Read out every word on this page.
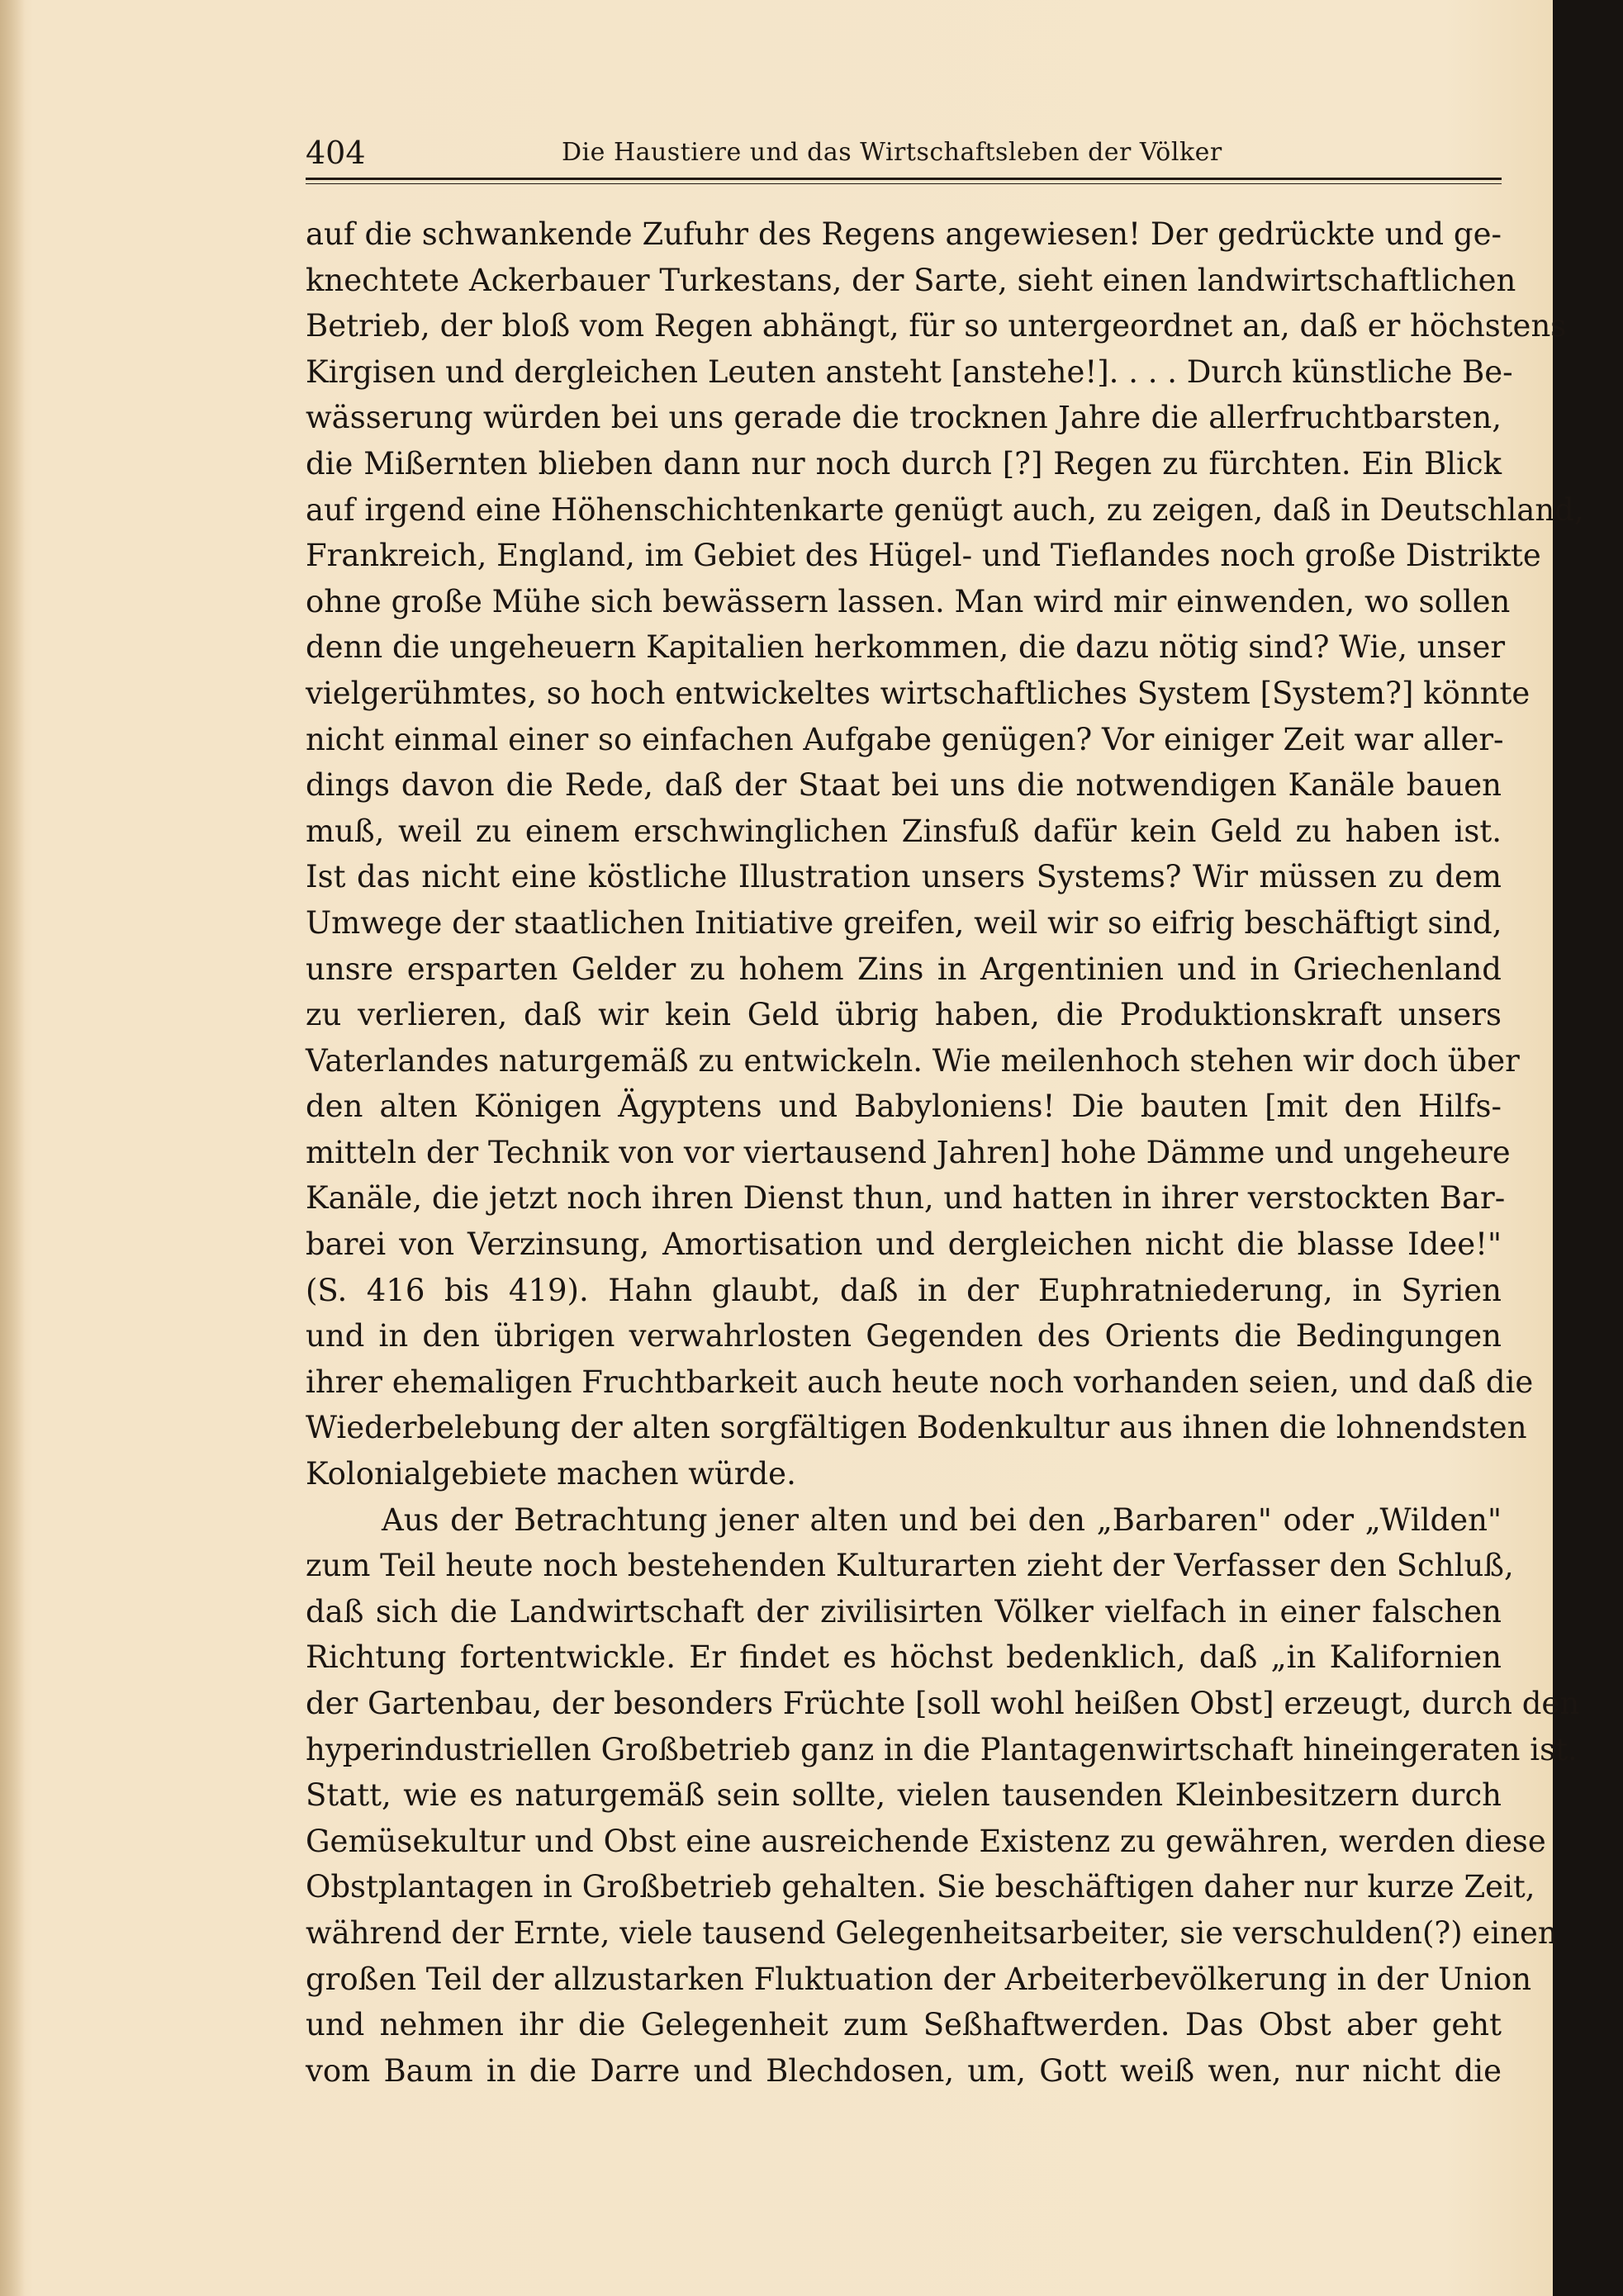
404	Die Haustiere und das Wirtschaftsleben der Völker
auf die schwankende Zufuhr des Regens angewiesen! Der gedrückte und ge-
knechtete Ackerbauer Turkestans, der Sarte, sieht einen landwirtschaftlichen
Betrieb, der bloß vom Regen abhängt, für so untergeordnet an, daß er höchstens
Kirgisen und dergleichen Leuten ansteht [anstehe!]. . . . Durch künstliche Be-
wässerung würden bei uns gerade die trocknen Jahre die allerfruchtbarsten,
die Mißernten blieben dann nur noch durch [?] Regen zu fürchten. Ein Blick
auf irgend eine Höhenschichtenkarte genügt auch, zu zeigen, daß in Deutschland,
Frankreich, England, im Gebiet des Hügel- und Tieflandes noch große Distrikte
ohne große Mühe sich bewässern lassen. Man wird mir einwenden, wo sollen
denn die ungeheuern Kapitalien herkommen, die dazu nötig sind? Wie, unser
vielgerühmtes, so hoch entwickeltes wirtschaftliches System [System?] könnte
nicht einmal einer so einfachen Aufgabe genügen? Vor einiger Zeit war aller-
dings davon die Rede, daß der Staat bei uns die notwendigen Kanäle bauen
muß, weil zu einem erschwinglichen Zinsfuß dafür kein Geld zu haben ist.
Ist das nicht eine köstliche Illustration unsers Systems? Wir müssen zu dem
Umwege der staatlichen Initiative greifen, weil wir so eifrig beschäftigt sind,
unsre ersparten Gelder zu hohem Zins in Argentinien und in Griechenland
zu verlieren, daß wir kein Geld übrig haben, die Produktionskraft unsers
Vaterlandes naturgemäß zu entwickeln. Wie meilenhoch stehen wir doch über
den alten Königen Ägyptens und Babyloniens! Die bauten [mit den Hilfs-
mitteln der Technik von vor viertausend Jahren] hohe Dämme und ungeheure
Kanäle, die jetzt noch ihren Dienst thun, und hatten in ihrer verstockten Bar-
barei von Verzinsung, Amortisation und dergleichen nicht die blasse Idee!"
(S. 416 bis 419). Hahn glaubt, daß in der Euphratniederung, in Syrien
und in den übrigen verwahrlosten Gegenden des Orients die Bedingungen
ihrer ehemaligen Fruchtbarkeit auch heute noch vorhanden seien, und daß die
Wiederbelebung der alten sorgfältigen Bodenkultur aus ihnen die lohnendsten
Kolonialgebiete machen würde.
Aus der Betrachtung jener alten und bei den „Barbaren" oder „Wilden"
zum Teil heute noch bestehenden Kulturarten zieht der Verfasser den Schluß,
daß sich die Landwirtschaft der zivilisirten Völker vielfach in einer falschen
Richtung fortentwickle. Er findet es höchst bedenklich, daß „in Kalifornien
der Gartenbau, der besonders Früchte [soll wohl heißen Obst] erzeugt, durch den
hyperindustriellen Großbetrieb ganz in die Plantagenwirtschaft hineingeraten ist.
Statt, wie es naturgemäß sein sollte, vielen tausenden Kleinbesitzern durch
Gemüsekultur und Obst eine ausreichende Existenz zu gewähren, werden diese
Obstplantagen in Großbetrieb gehalten. Sie beschäftigen daher nur kurze Zeit,
während der Ernte, viele tausend Gelegenheitsarbeiter, sie verschulden(?) einen
großen Teil der allzustarken Fluktuation der Arbeiterbevölkerung in der Union
und nehmen ihr die Gelegenheit zum Seßhaftwerden. Das Obst aber geht
vom Baum in die Darre und Blechdosen, um, Gott weiß wen, nur nicht die
